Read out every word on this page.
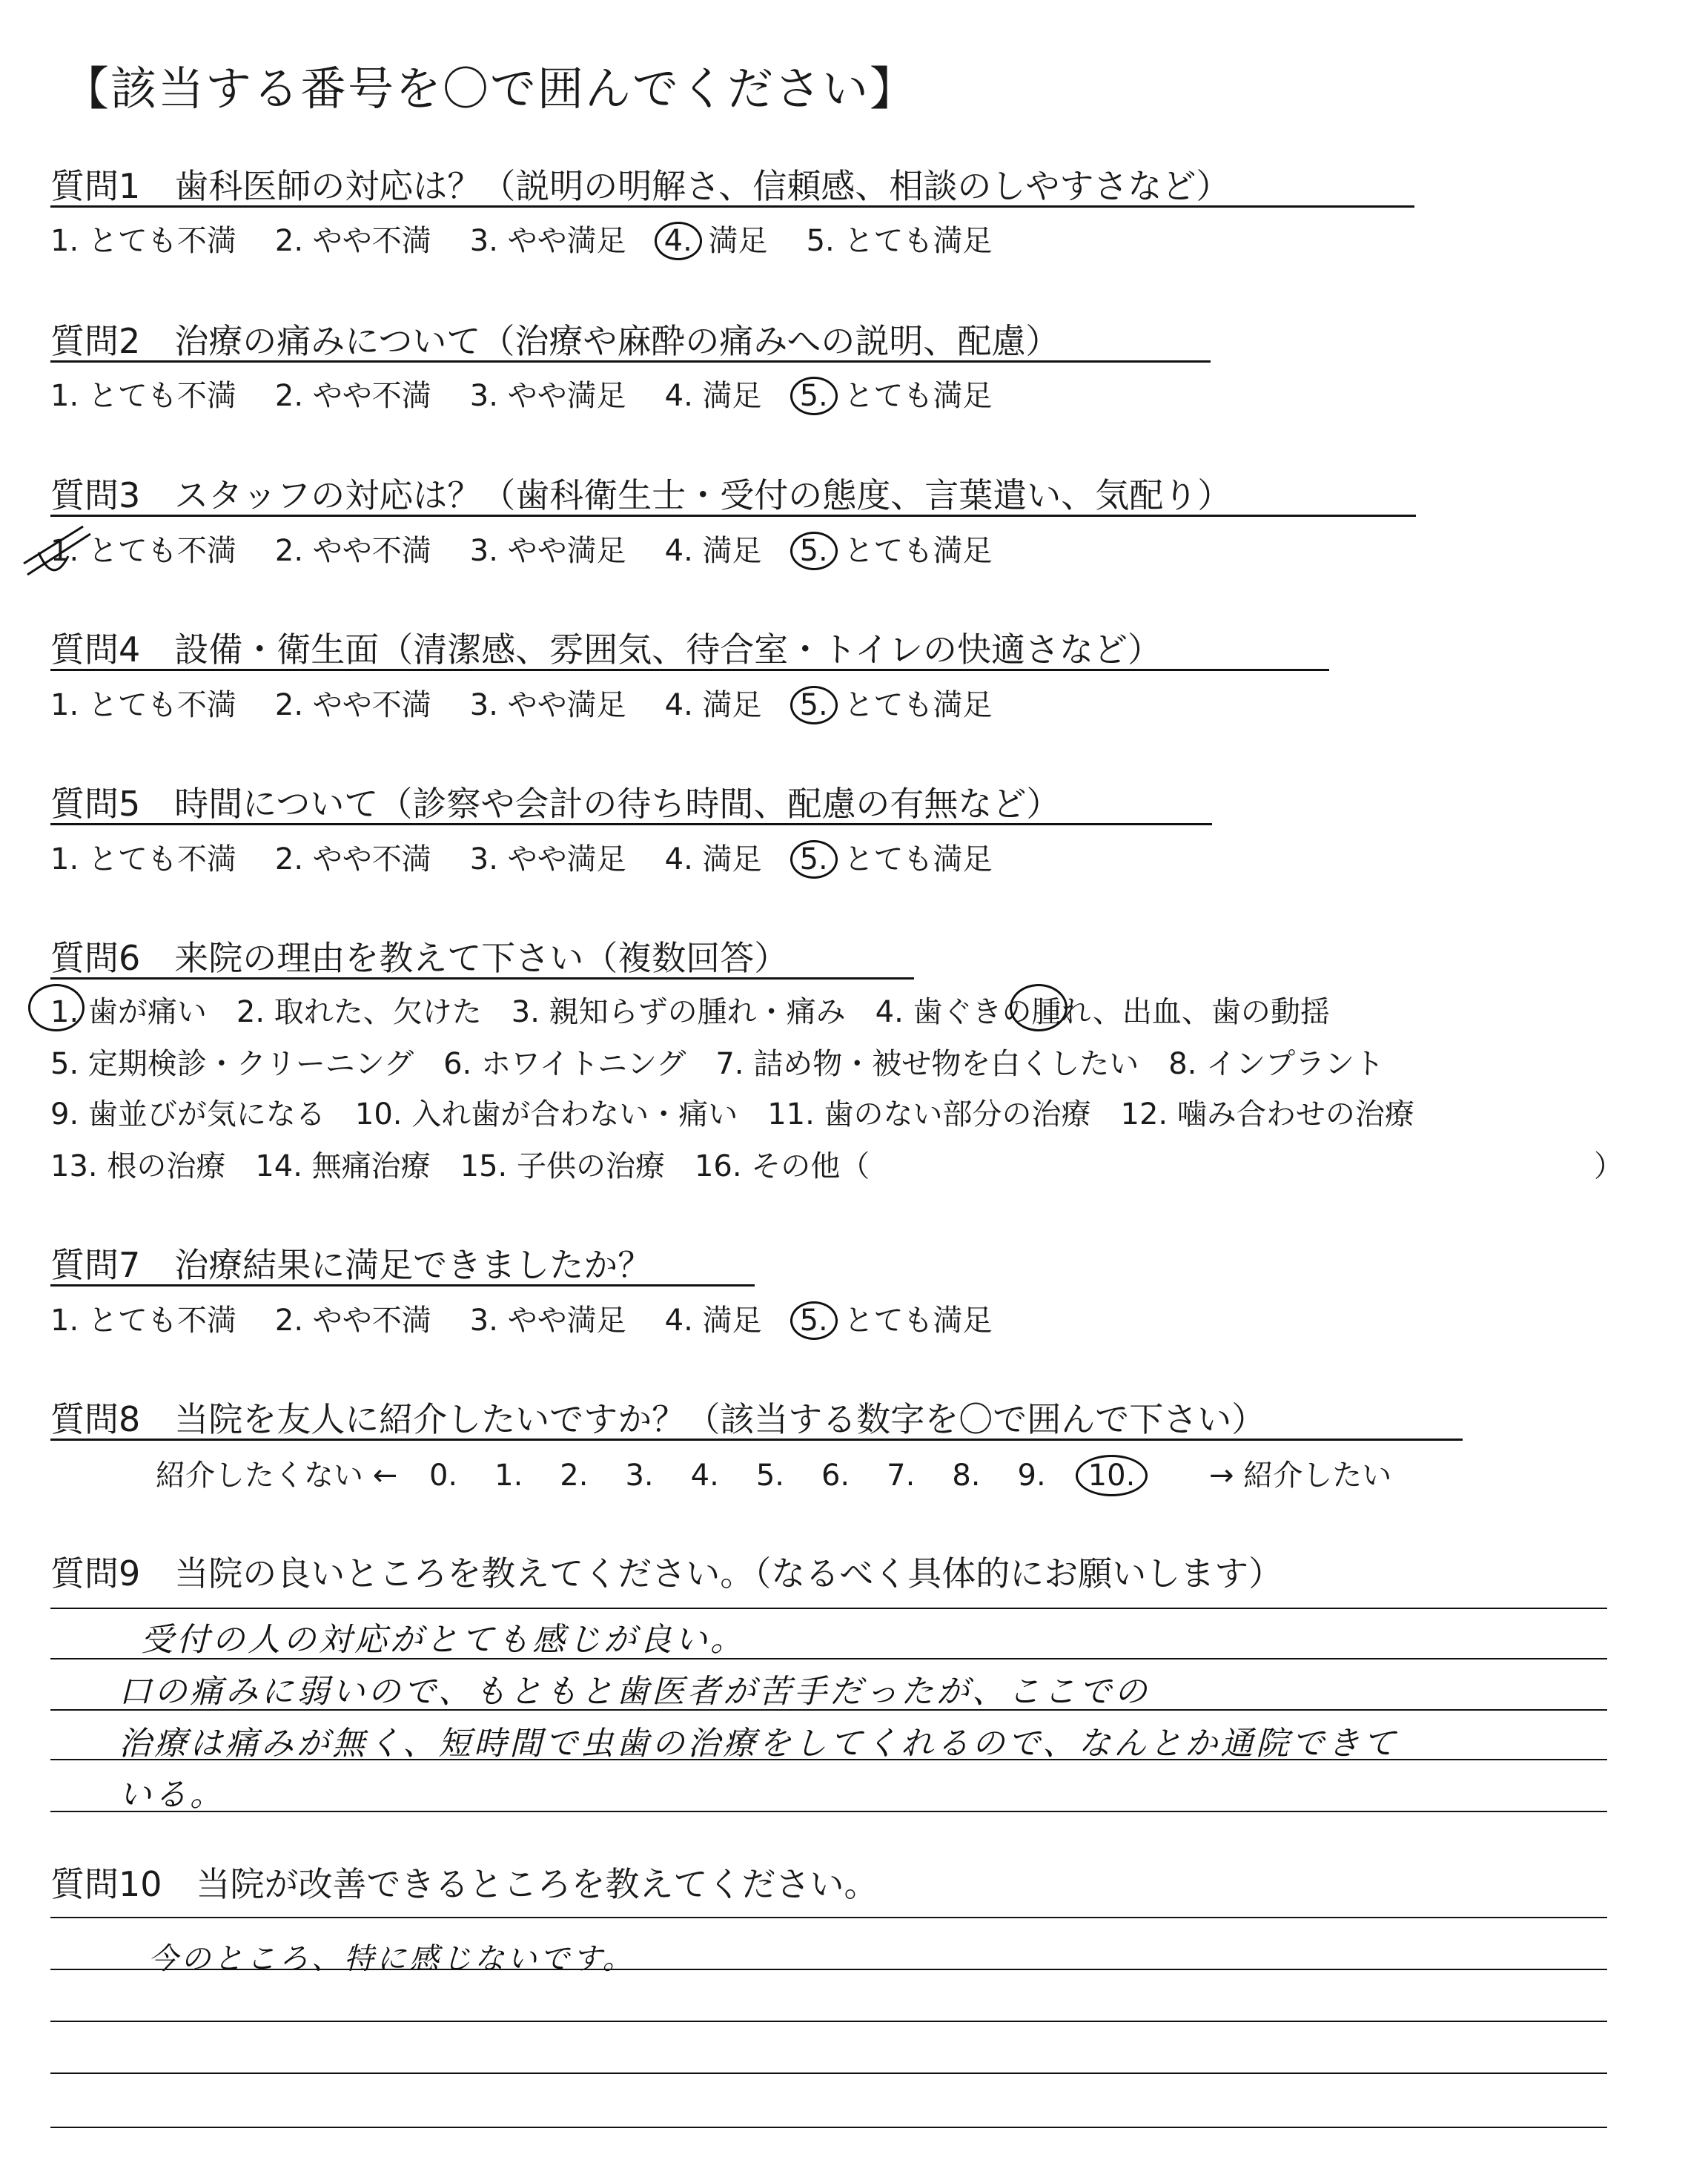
【該当する番号を〇で囲んでください】
質問1　歯科医師の対応は？（説明の明解さ、信頼感、相談のしやすさなど）
1. とても不満 2. やや不満 3. やや満足 4. 満足 5. とても満足
質問2　治療の痛みについて（治療や麻酔の痛みへの説明、配慮）
1. とても不満 2. やや不満 3. やや満足 4. 満足 5. とても満足
質問3　スタッフの対応は？（歯科衛生士・受付の態度、言葉遣い、気配り）
1. とても不満 2. やや不満 3. やや満足 4. 満足 5. とても満足
質問4　設備・衛生面（清潔感、雰囲気、待合室・トイレの快適さなど）
1. とても不満 2. やや不満 3. やや満足 4. 満足 5. とても満足
質問5　時間について（診察や会計の待ち時間、配慮の有無など）
1. とても不満 2. やや不満 3. やや満足 4. 満足 5. とても満足
質問6　来院の理由を教えて下さい（複数回答）
1. 歯が痛い　2. 取れた、欠けた　3. 親知らずの腫れ・痛み　4. 歯ぐきの腫れ、出血、歯の動揺
5. 定期検診・クリーニング　6. ホワイトニング　7. 詰め物・被せ物を白くしたい　8. インプラント
9. 歯並びが気になる　10. 入れ歯が合わない・痛い　11. 歯のない部分の治療　12. 噛み合わせの治療
13. 根の治療　14. 無痛治療　15. 子供の治療　16. その他（	）
質問7　治療結果に満足できましたか？
1. とても不満 2. やや不満 3. やや満足 4. 満足 5. とても満足
質問8　当院を友人に紹介したいですか？（該当する数字を〇で囲んで下さい）
紹介したくない ← 0. 1. 2. 3. 4. 5. 6. 7. 8. 9. 10. → 紹介したい
質問9　当院の良いところを教えてください。（なるべく具体的にお願いします）
受付の人の対応がとても感じが良い。
口の痛みに弱いので、もともと歯医者が苦手だったが、ここでの
治療は痛みが無く、短時間で虫歯の治療をしてくれるので、なんとか通院できて
いる。
質問10　当院が改善できるところを教えてください。
今のところ、特に感じないです。
